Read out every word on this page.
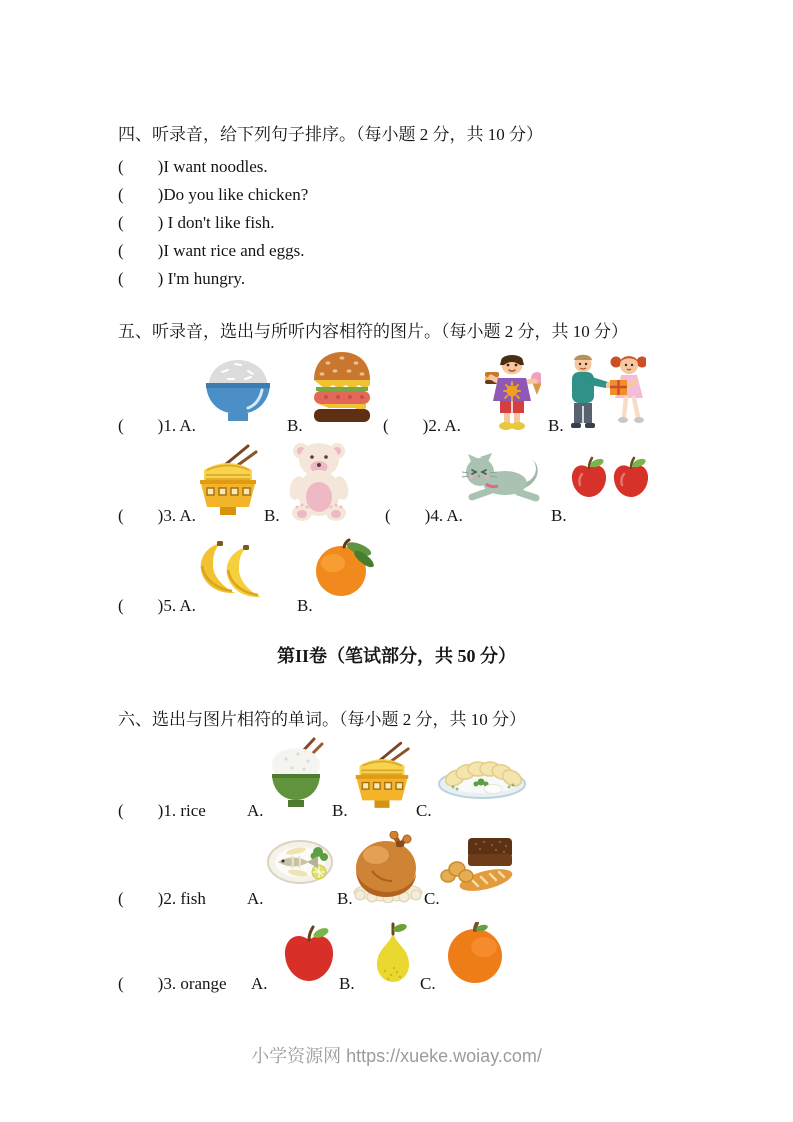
四、听录音，给下列句子排序。（每小题 2 分，共 10 分）
(        )I want noodles.
(        )Do you like chicken?
(        ) I don't like fish.
(        )I want rice and eggs.
(        ) I'm hungry.
五、听录音，选出与所听内容相符的图片。（每小题 2 分，共 10 分）
(        )1. A.	B.	(        )2. A.	B.
(        )3. A.	B.	(        )4. A.	B.
(        )5. A.	B.
第II卷（笔试部分，共 50 分）
六、选出与图片相符的单词。（每小题 2 分，共 10 分）
(        )1. rice A.	B.	C.
(        )2. fish A.	B.	C.
(        )3. orange A.	B.	C.
小学资源网 https://xueke.woiay.com/
